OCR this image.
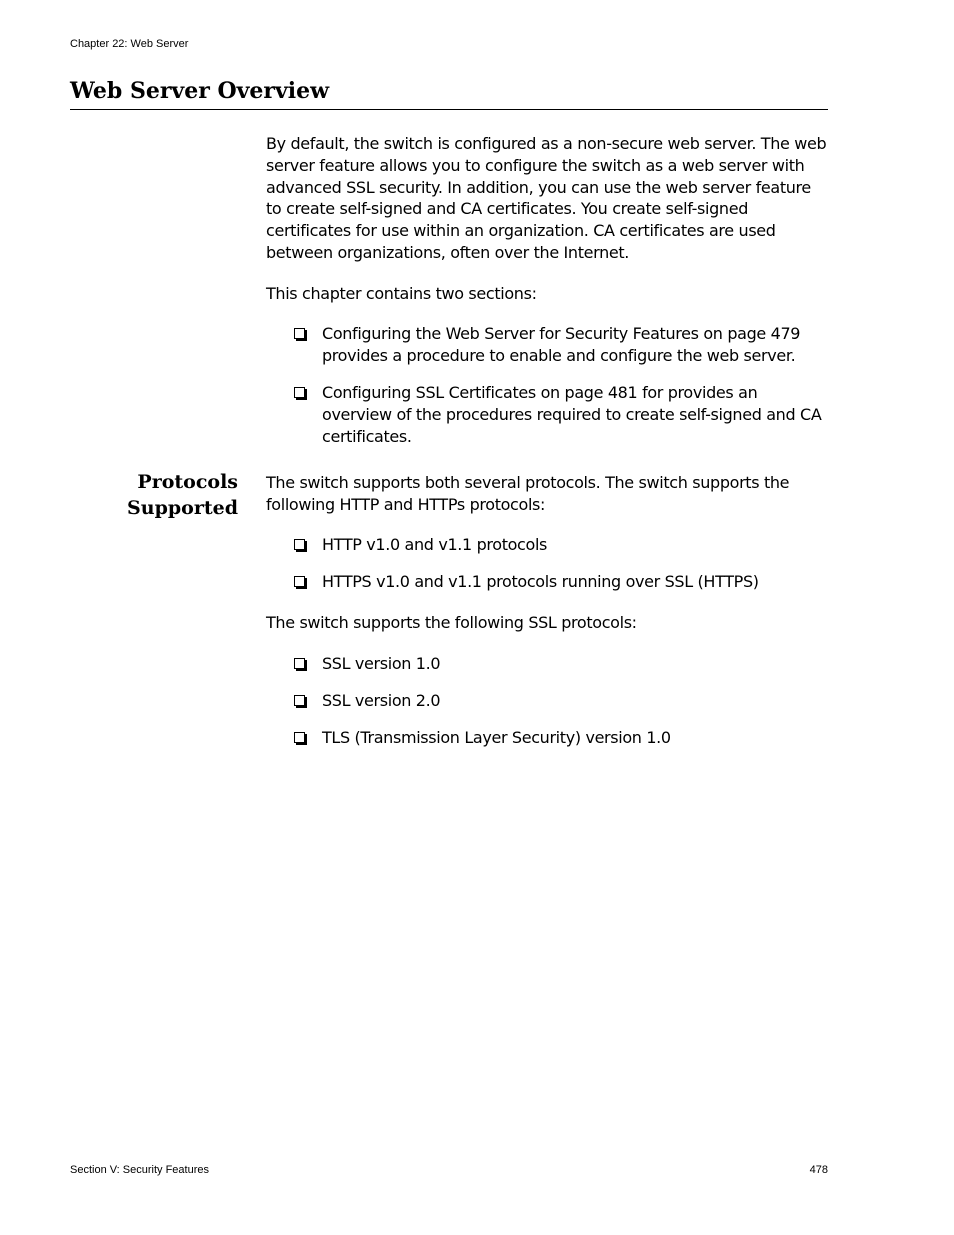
Chapter 22: Web Server
Web Server Overview

By default, the switch is configured as a non-secure web server. The web server feature allows you to configure the switch as a web server with advanced SSL security. In addition, you can use the web server feature to create self-signed and CA certificates. You create self-signed certificates for use within an organization. CA certificates are used between organizations, often over the Internet.

This chapter contains two sections:

Configuring the Web Server for Security Features on page 479 provides a procedure to enable and configure the web server.
Configuring SSL Certificates on page 481 for provides an overview of the procedures required to create self-signed and CA certificates.
Protocols Supported

The switch supports both several protocols. The switch supports the following HTTP and HTTPs protocols:

HTTP v1.0 and v1.1 protocols
HTTPS v1.0 and v1.1 protocols running over SSL (HTTPS)

The switch supports the following SSL protocols:

SSL version 1.0
SSL version 2.0
TLS (Transmission Layer Security) version 1.0
Section V: Security Features	478
